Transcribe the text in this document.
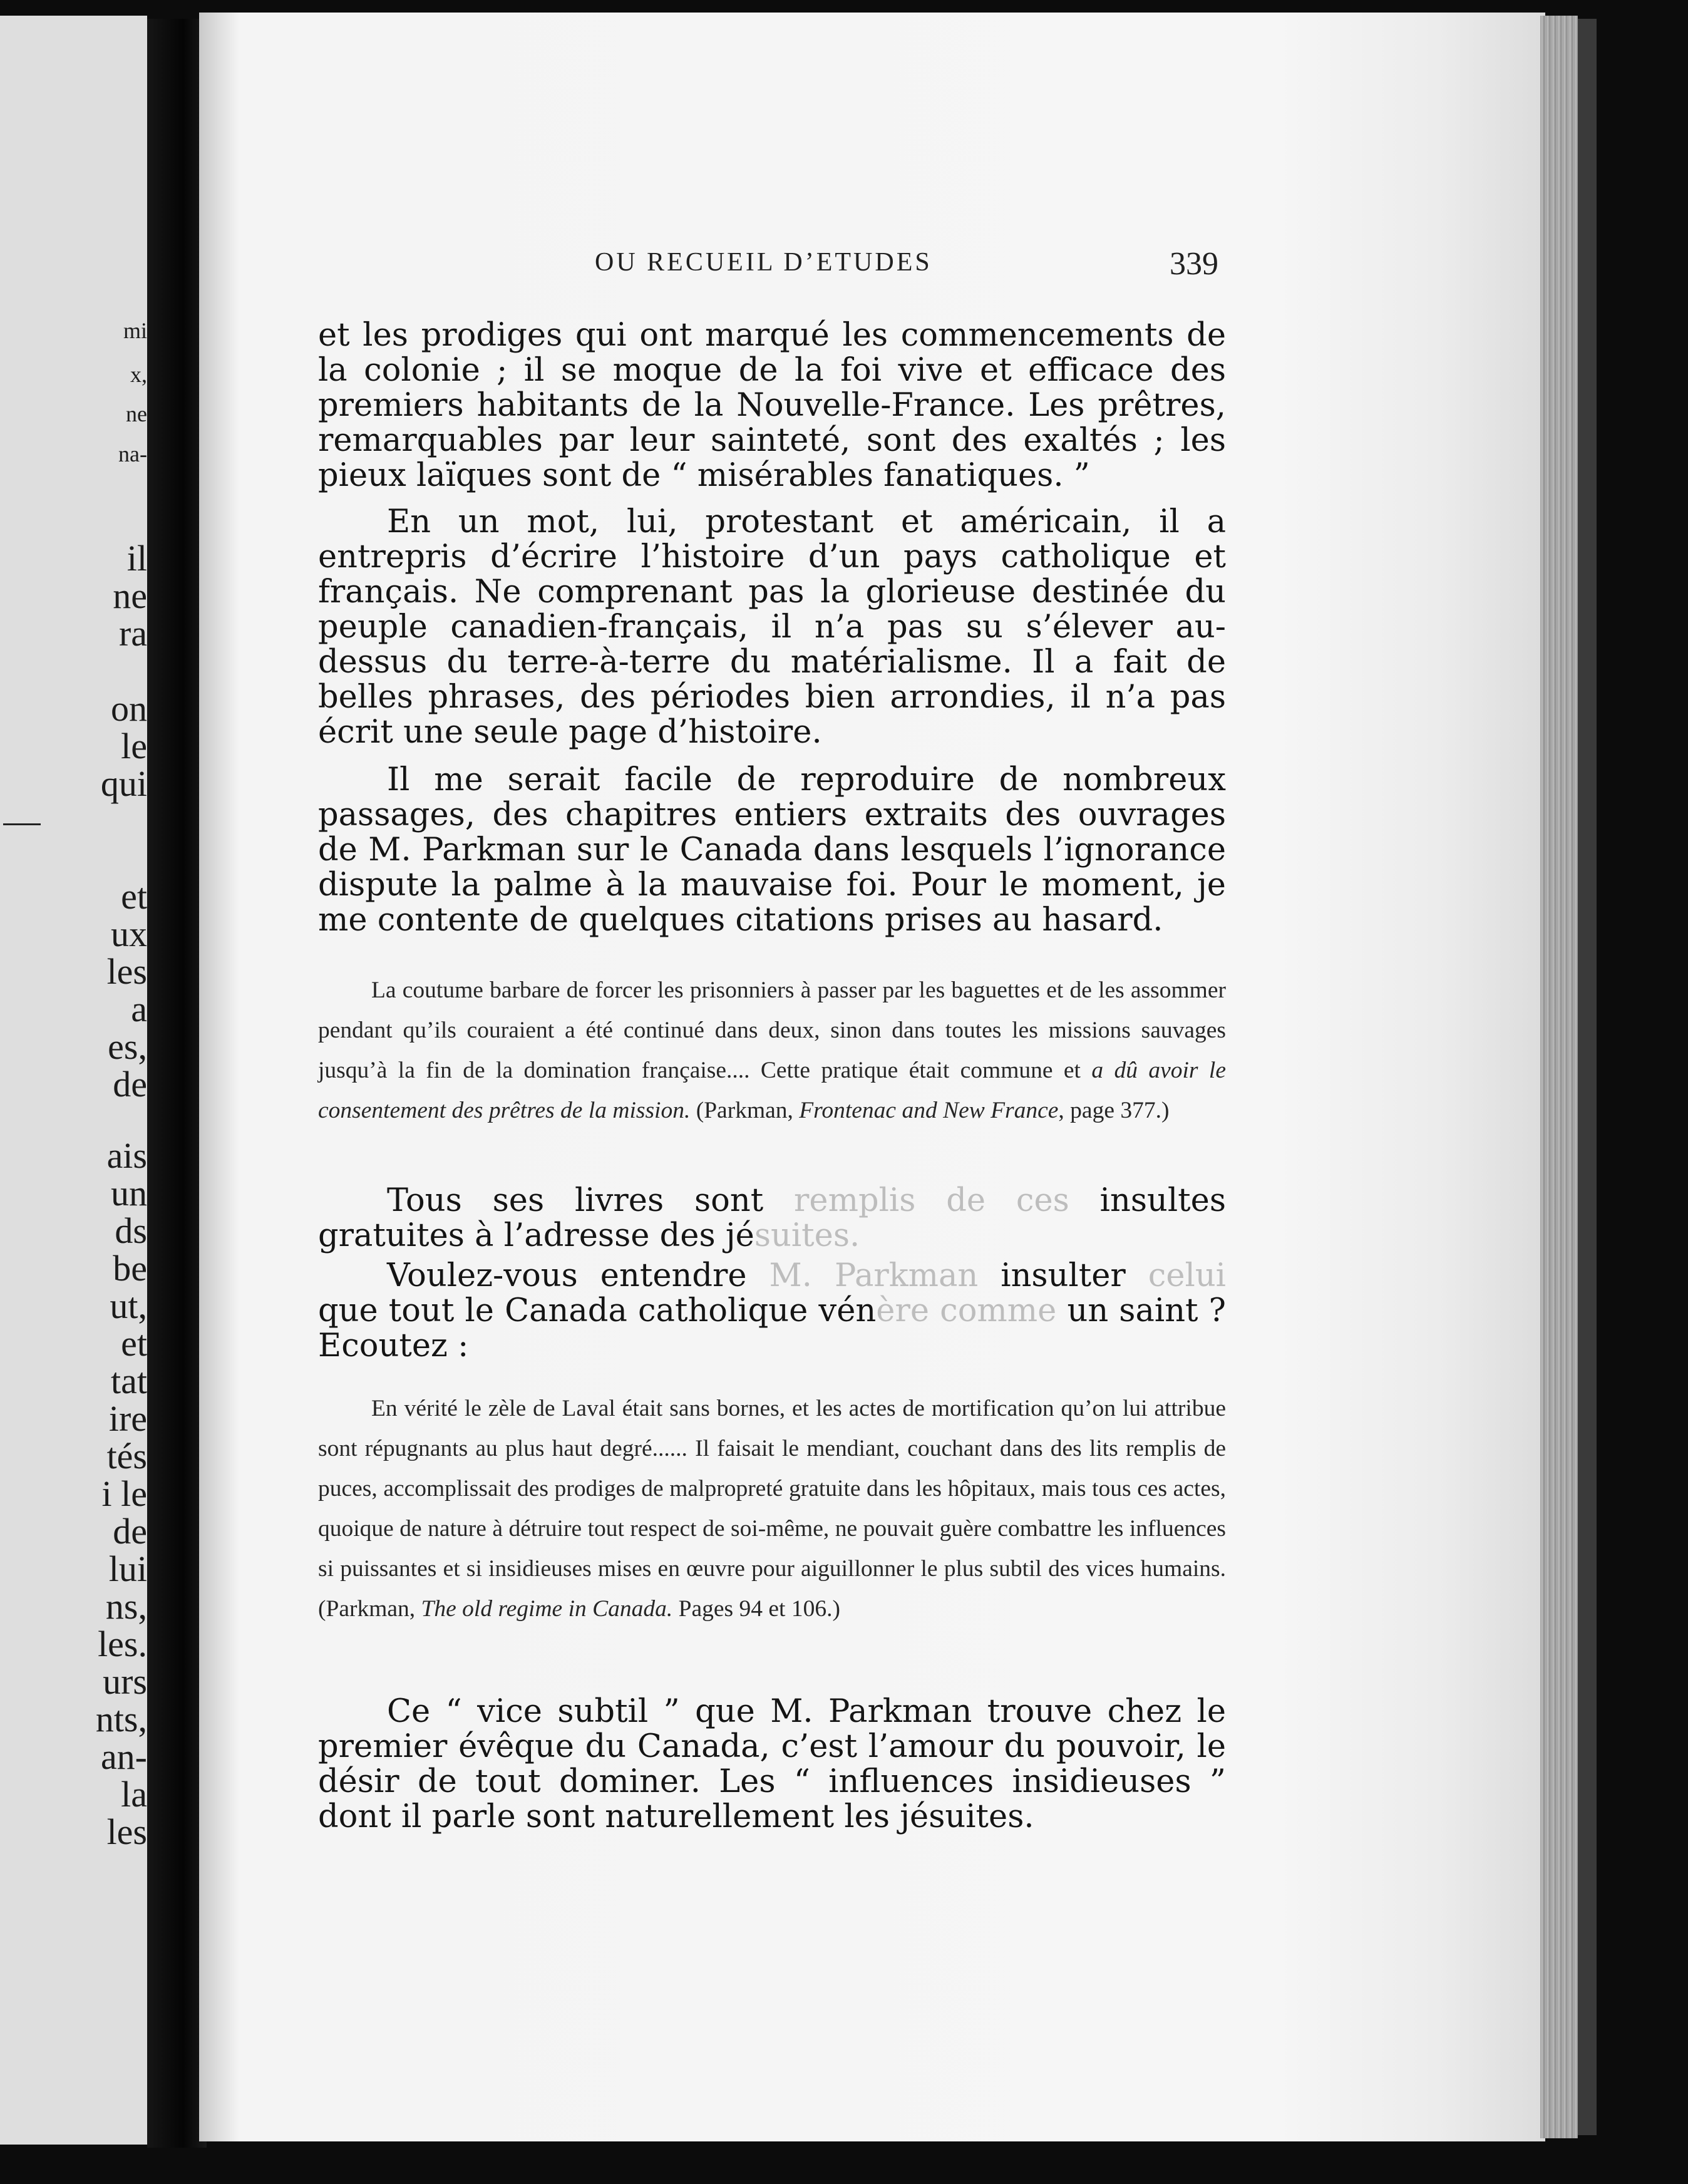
mi
x,
ne
na-
il
ne
ra
on
le
qui
et
ux
les
a
es,
de
ais
un
ds
be
ut,
et
tat
ire
tés
i le
de
lui
ns,
les.
urs
nts,
an-
la
les
OU RECUEIL D’ETUDES	339

et les prodiges qui ont marqué les commencements de la colonie ; il se moque de la foi vive et efficace des premiers habitants de la Nouvelle-France. Les prêtres, remarquables par leur sainteté, sont des exaltés ; les pieux laïques sont de “ misérables fanatiques. ”

En un mot, lui, protestant et américain, il a entrepris d’écrire l’histoire d’un pays catholique et français. Ne comprenant pas la glorieuse destinée du peuple canadien-français, il n’a pas su s’élever au-dessus du terre-à-terre du matérialisme. Il a fait de belles phrases, des périodes bien arrondies, il n’a pas écrit une seule page d’histoire.

Il me serait facile de reproduire de nombreux passages, des chapitres entiers extraits des ouvrages de M. Parkman sur le Canada dans lesquels l’ignorance dispute la palme à la mauvaise foi. Pour le moment, je me contente de quelques citations prises au hasard.

La coutume barbare de forcer les prisonniers à passer par les baguettes et de les assommer pendant qu’ils couraient a été continué dans deux, sinon dans toutes les missions sauvages jusqu’à la fin de la domination française.... Cette pratique était commune et a dû avoir le consentement des prêtres de la mission. (Parkman, Frontenac and New France, page 377.)

Tous ses livres sont remplis de ces insultes gratuites à l’adresse des jésuites.

Voulez-vous entendre M. Parkman insulter celui que tout le Canada catholique vénère comme un saint ? Ecoutez :

En vérité le zèle de Laval était sans bornes, et les actes de mortification qu’on lui attribue sont répugnants au plus haut degré...... Il faisait le mendiant, couchant dans des lits remplis de puces, accomplissait des prodiges de malpropreté gratuite dans les hôpitaux, mais tous ces actes, quoique de nature à détruire tout respect de soi-même, ne pouvait guère combattre les influences si puissantes et si insidieuses mises en œuvre pour aiguillonner le plus subtil des vices humains. (Parkman, The old regime in Canada. Pages 94 et 106.)

Ce “ vice subtil ” que M. Parkman trouve chez le premier évêque du Canada, c’est l’amour du pouvoir, le désir de tout dominer. Les “ influences insidieuses ” dont il parle sont naturellement les jésuites.
